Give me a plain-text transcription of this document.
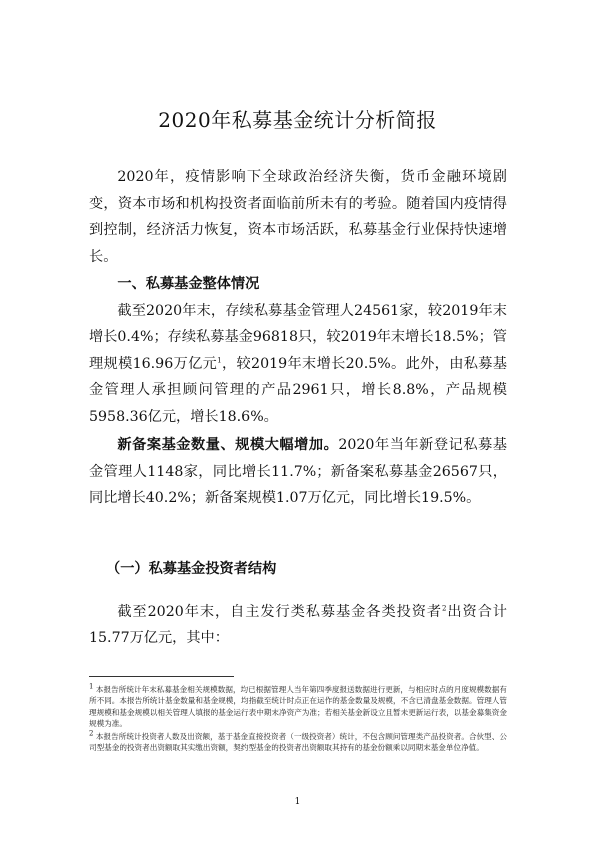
2020年私募基金统计分析简报

2020年，疫情影响下全球政治经济失衡，货币金融环境剧变，资本市场和机构投资者面临前所未有的考验。随着国内疫情得到控制，经济活力恢复，资本市场活跃，私募基金行业保持快速增长。

一、私募基金整体情况

截至2020年末，存续私募基金管理人24561家，较2019年末增长0.4%；存续私募基金96818只，较2019年末增长18.5%；管理规模16.96万亿元$^1$，较2019年末增长20.5%。此外，由私募基金管理人承担顾问管理的产品2961只，增长8.8%，产品规模5958.36亿元，增长18.6%。

新备案基金数量、规模大幅增加。2020年当年新登记私募基金管理人1148家，同比增长11.7%；新备案私募基金26567只，同比增长40.2%；新备案规模1.07万亿元，同比增长19.5%。

（一）私募基金投资者结构

截至2020年末，自主发行类私募基金各类投资者$^2$出资合计15.77万亿元，其中：

$^1$ 本报告所统计年末私募基金相关规模数据，均已根据管理人当年第四季度报送数据进行更新，与相应时点的月度规模数据有所不同。本报告所统计基金数量和基金规模，均指截至统计时点正在运作的基金数量及规模，不含已清盘基金数据。管理人管理规模和基金规模以相关管理人填报的基金运行表中期末净资产为准；若相关基金新设立且暂未更新运行表，以基金募集资金规模为准。

$^2$ 本报告所统计投资者人数及出资额，基于基金直接投资者（一级投资者）统计，不包含顾问管理类产品投资者。合伙型、公司型基金的投资者出资额取其实缴出资额，契约型基金的投资者出资额取其持有的基金份额乘以同期末基金单位净值。

1
